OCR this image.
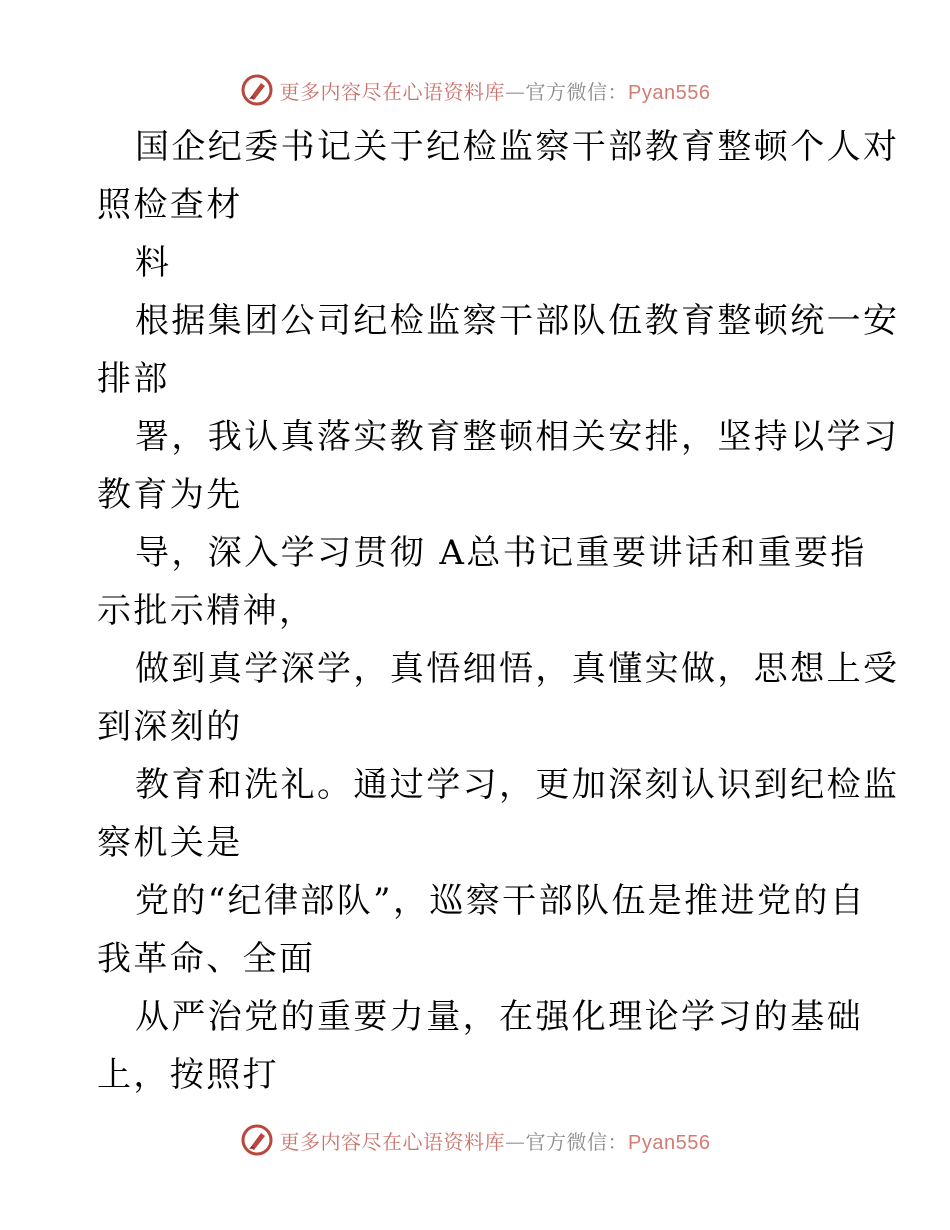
更多内容尽在心语资料库—官方微信：Pyan556
国企纪委书记关于纪检监察干部教育整顿个人对
照检查材
料
根据集团公司纪检监察干部队伍教育整顿统一安
排部
署，我认真落实教育整顿相关安排，坚持以学习
教育为先
导，深入学习贯彻 A总书记重要讲话和重要指
示批示精神，
做到真学深学，真悟细悟，真懂实做，思想上受
到深刻的
教育和洗礼。通过学习，更加深刻认识到纪检监
察机关是
党的“纪律部队”，巡察干部队伍是推进党的自
我革命、全面
从严治党的重要力量，在强化理论学习的基础
上，按照打
更多内容尽在心语资料库—官方微信：Pyan556
